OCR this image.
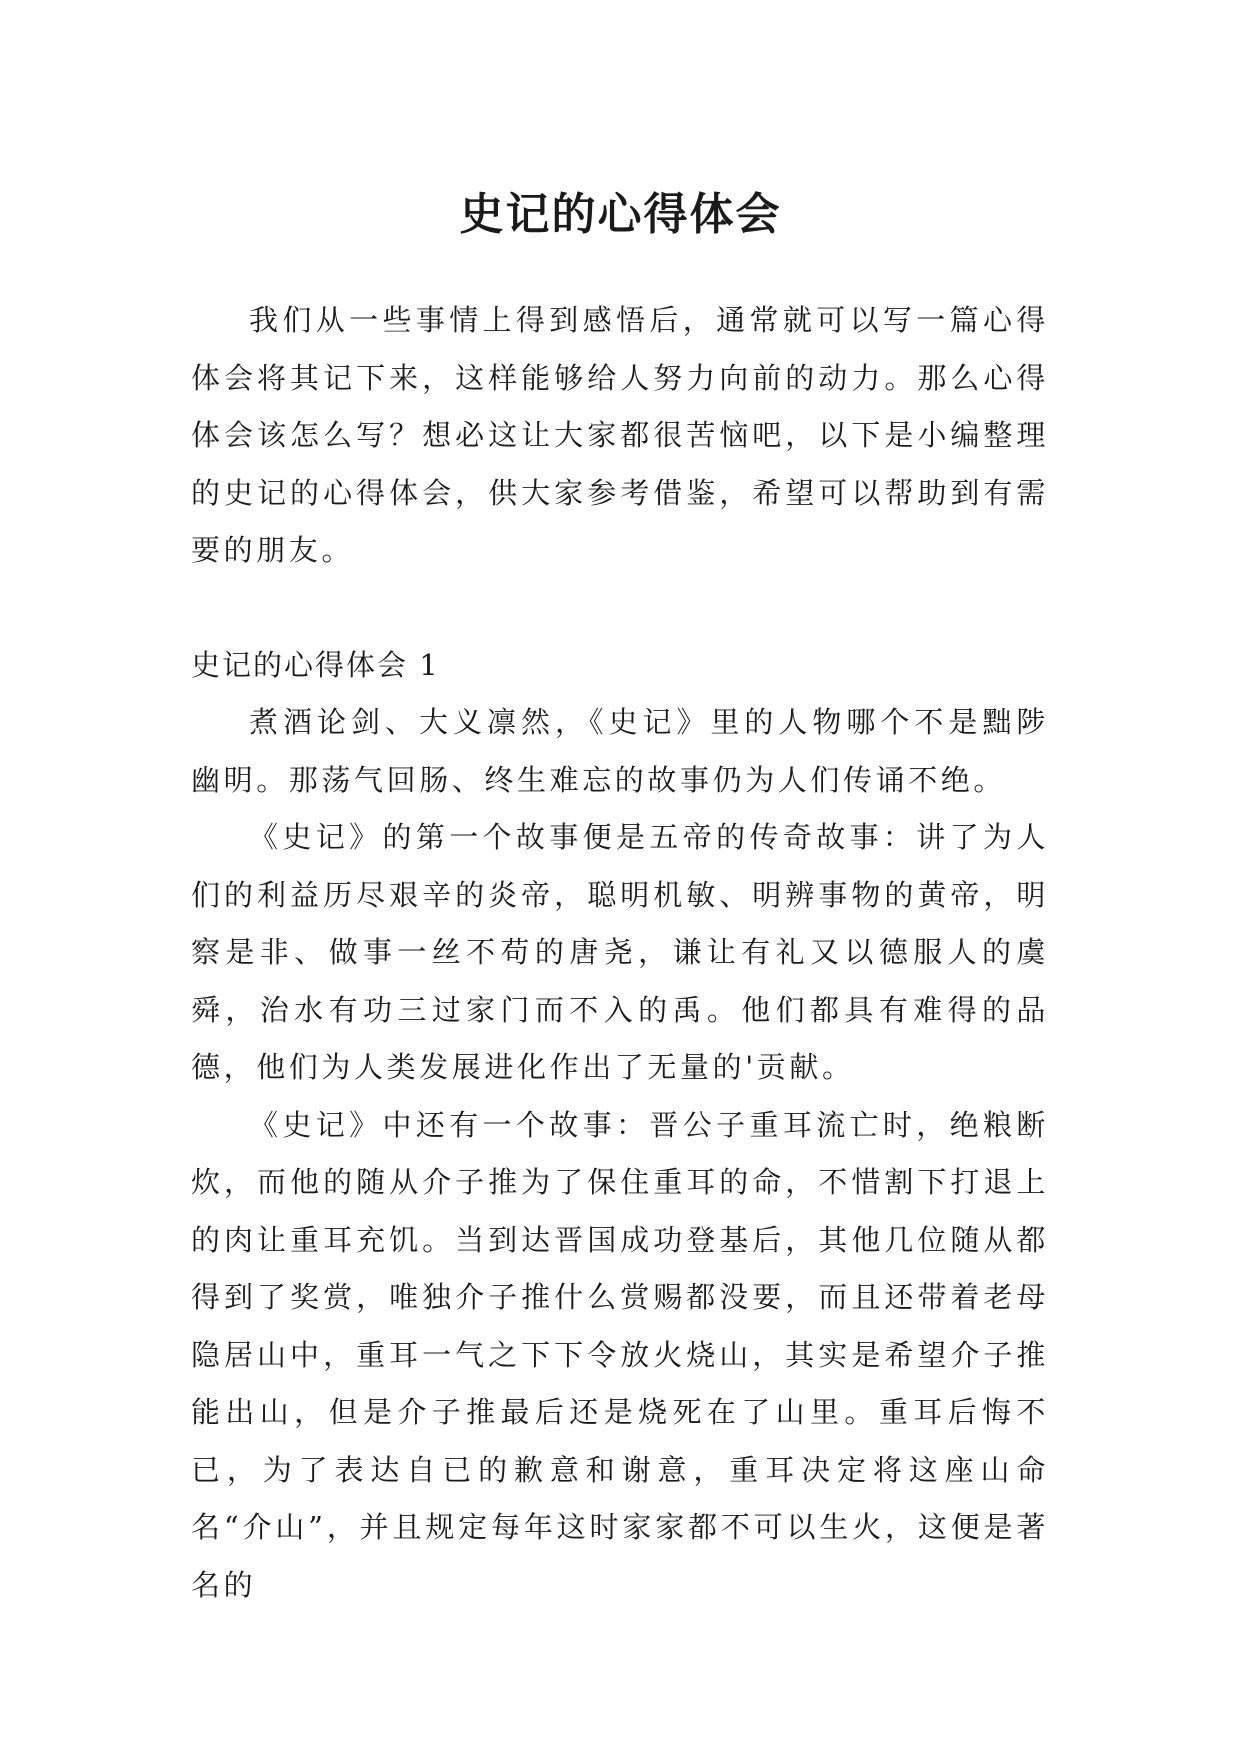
史记的心得体会

我们从一些事情上得到感悟后，通常就可以写一篇心得体会将其记下来，这样能够给人努力向前的动力。那么心得体会该怎么写？想必这让大家都很苦恼吧，以下是小编整理的史记的心得体会，供大家参考借鉴，希望可以帮助到有需要的朋友。

史记的心得体会 1

煮酒论剑、大义凛然，《史记》里的人物哪个不是黜陟幽明。那荡气回肠、终生难忘的故事仍为人们传诵不绝。

《史记》的第一个故事便是五帝的传奇故事：讲了为人们的利益历尽艰辛的炎帝，聪明机敏、明辨事物的黄帝，明察是非、做事一丝不苟的唐尧，谦让有礼又以德服人的虞舜，治水有功三过家门而不入的禹。他们都具有难得的品德，他们为人类发展进化作出了无量的'贡献。

《史记》中还有一个故事：晋公子重耳流亡时，绝粮断炊，而他的随从介子推为了保住重耳的命，不惜割下打退上的肉让重耳充饥。当到达晋国成功登基后，其他几位随从都得到了奖赏，唯独介子推什么赏赐都没要，而且还带着老母隐居山中，重耳一气之下下令放火烧山，其实是希望介子推能出山，但是介子推最后还是烧死在了山里。重耳后悔不已，为了表达自已的歉意和谢意，重耳决定将这座山命名“介山”，并且规定每年这时家家都不可以生火，这便是著名的
